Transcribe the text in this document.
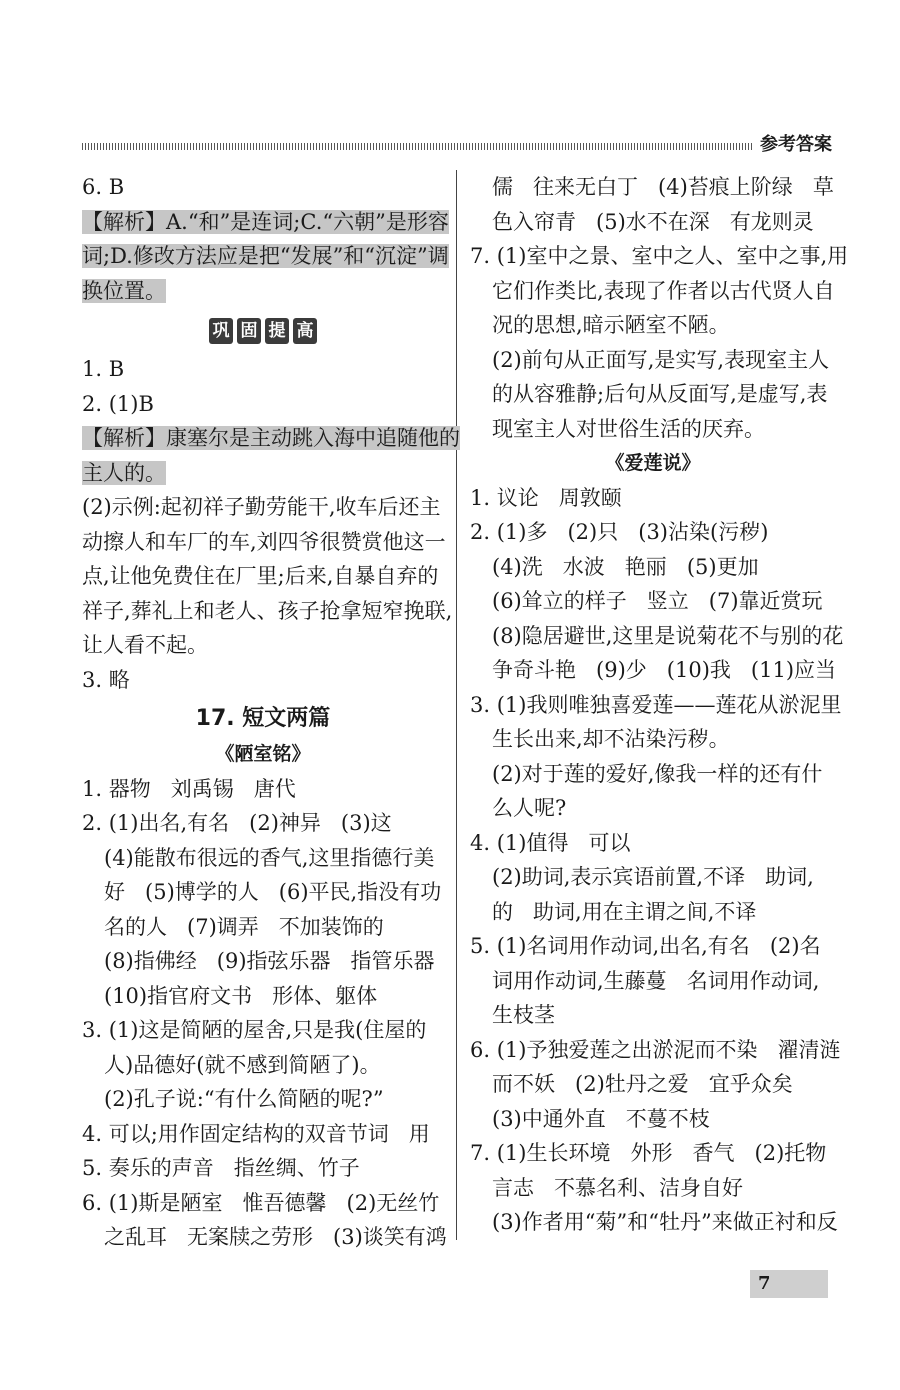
参考答案
6. B
【解析】A.“和”是连词;C.“六朝”是形容
词;D.修改方法应是把“发展”和“沉淀”调
换位置。
巩 固 提 高
1. B
2. (1)B
【解析】康塞尔是主动跳入海中追随他的
主人的。
(2)示例:起初祥子勤劳能干,收车后还主
动擦人和车厂的车,刘四爷很赞赏他这一
点,让他免费住在厂里;后来,自暴自弃的
祥子,葬礼上和老人、孩子抢拿短窄挽联,
让人看不起。
3. 略
17. 短文两篇
《陋室铭》
1. 器物   刘禹锡   唐代
2. (1)出名,有名   (2)神异   (3)这
(4)能散布很远的香气,这里指德行美
好   (5)博学的人   (6)平民,指没有功
名的人   (7)调弄   不加装饰的
(8)指佛经   (9)指弦乐器   指管乐器
(10)指官府文书   形体、躯体
3. (1)这是简陋的屋舍,只是我(住屋的
人)品德好(就不感到简陋了)。
(2)孔子说:“有什么简陋的呢?”
4. 可以;用作固定结构的双音节词   用
5. 奏乐的声音   指丝绸、竹子
6. (1)斯是陋室   惟吾德馨   (2)无丝竹
之乱耳   无案牍之劳形   (3)谈笑有鸿
儒   往来无白丁   (4)苔痕上阶绿   草
色入帘青   (5)水不在深   有龙则灵
7. (1)室中之景、室中之人、室中之事,用
它们作类比,表现了作者以古代贤人自
况的思想,暗示陋室不陋。
(2)前句从正面写,是实写,表现室主人
的从容雅静;后句从反面写,是虚写,表
现室主人对世俗生活的厌弃。
《爱莲说》
1. 议论   周敦颐
2. (1)多   (2)只   (3)沾染(污秽)
(4)洗   水波   艳丽   (5)更加
(6)耸立的样子   竖立   (7)靠近赏玩
(8)隐居避世,这里是说菊花不与别的花
争奇斗艳   (9)少   (10)我   (11)应当
3. (1)我则唯独喜爱莲——莲花从淤泥里
生长出来,却不沾染污秽。
(2)对于莲的爱好,像我一样的还有什
么人呢?
4. (1)值得   可以
(2)助词,表示宾语前置,不译   助词,
的   助词,用在主谓之间,不译
5. (1)名词用作动词,出名,有名   (2)名
词用作动词,生藤蔓   名词用作动词,
生枝茎
6. (1)予独爱莲之出淤泥而不染   濯清涟
而不妖   (2)牡丹之爱   宜乎众矣
(3)中通外直   不蔓不枝
7. (1)生长环境   外形   香气   (2)托物
言志   不慕名利、洁身自好
(3)作者用“菊”和“牡丹”来做正衬和反
7
